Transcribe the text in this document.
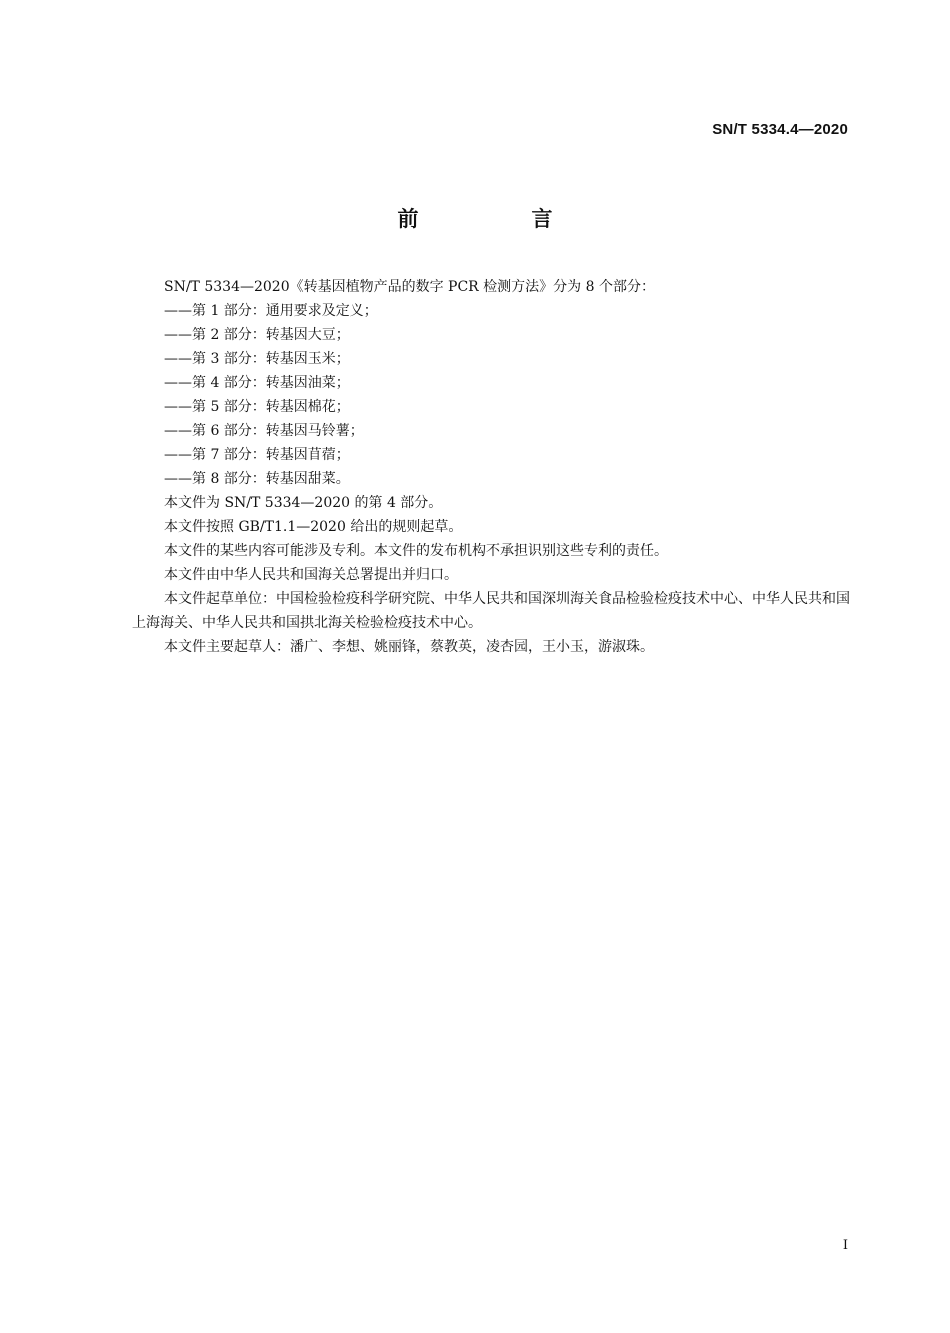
SN/T 5334.4—2020
前　言

SN/T 5334—2020《转基因植物产品的数字 PCR 检测方法》分为 8 个部分：

——第 1 部分：通用要求及定义；

——第 2 部分：转基因大豆；

——第 3 部分：转基因玉米；

——第 4 部分：转基因油菜；

——第 5 部分：转基因棉花；

——第 6 部分：转基因马铃薯；

——第 7 部分：转基因苜蓿；

——第 8 部分：转基因甜菜。

本文件为 SN/T 5334—2020 的第 4 部分。

本文件按照 GB/T1.1—2020 给出的规则起草。

本文件的某些内容可能涉及专利。本文件的发布机构不承担识别这些专利的责任。

本文件由中华人民共和国海关总署提出并归口。

本文件起草单位：中国检验检疫科学研究院、中华人民共和国深圳海关食品检验检疫技术中心、中华人民共和国上海海关、中华人民共和国拱北海关检验检疫技术中心。

本文件主要起草人：潘广、李想、姚丽锋，蔡教英，凌杏园，王小玉，游淑珠。

I
